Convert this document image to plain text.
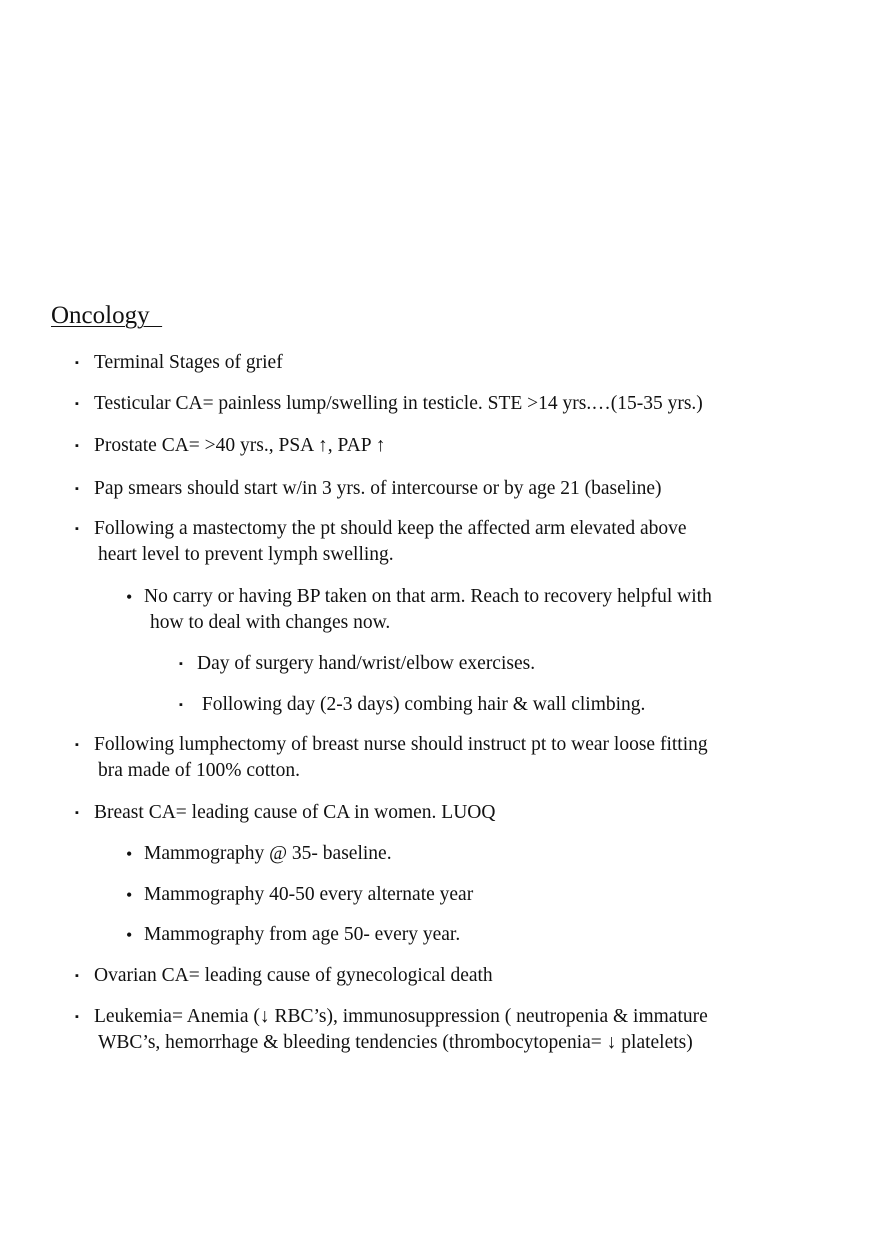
Oncology
▪ Terminal Stages of grief
▪ Testicular CA= painless lump/swelling in testicle. STE >14 yrs.…(15-35 yrs.)
▪ Prostate CA= >40 yrs., PSA ↑, PAP ↑
▪ Pap smears should start w/in 3 yrs. of intercourse or by age 21 (baseline)
▪ Following a mastectomy the pt should keep the affected arm elevated above
heart level to prevent lymph swelling.
• No carry or having BP taken on that arm. Reach to recovery helpful with
how to deal with changes now.
▪ Day of surgery hand/wrist/elbow exercises.
▪ Following day (2-3 days) combing hair & wall climbing.
▪ Following lumphectomy of breast nurse should instruct pt to wear loose fitting
bra made of 100% cotton.
▪ Breast CA= leading cause of CA in women. LUOQ
• Mammography @ 35- baseline.
• Mammography 40-50 every alternate year
• Mammography from age 50- every year.
▪ Ovarian CA= leading cause of gynecological death
▪ Leukemia= Anemia (↓ RBC’s), immunosuppression ( neutropenia & immature
WBC’s, hemorrhage & bleeding tendencies (thrombocytopenia= ↓ platelets)
